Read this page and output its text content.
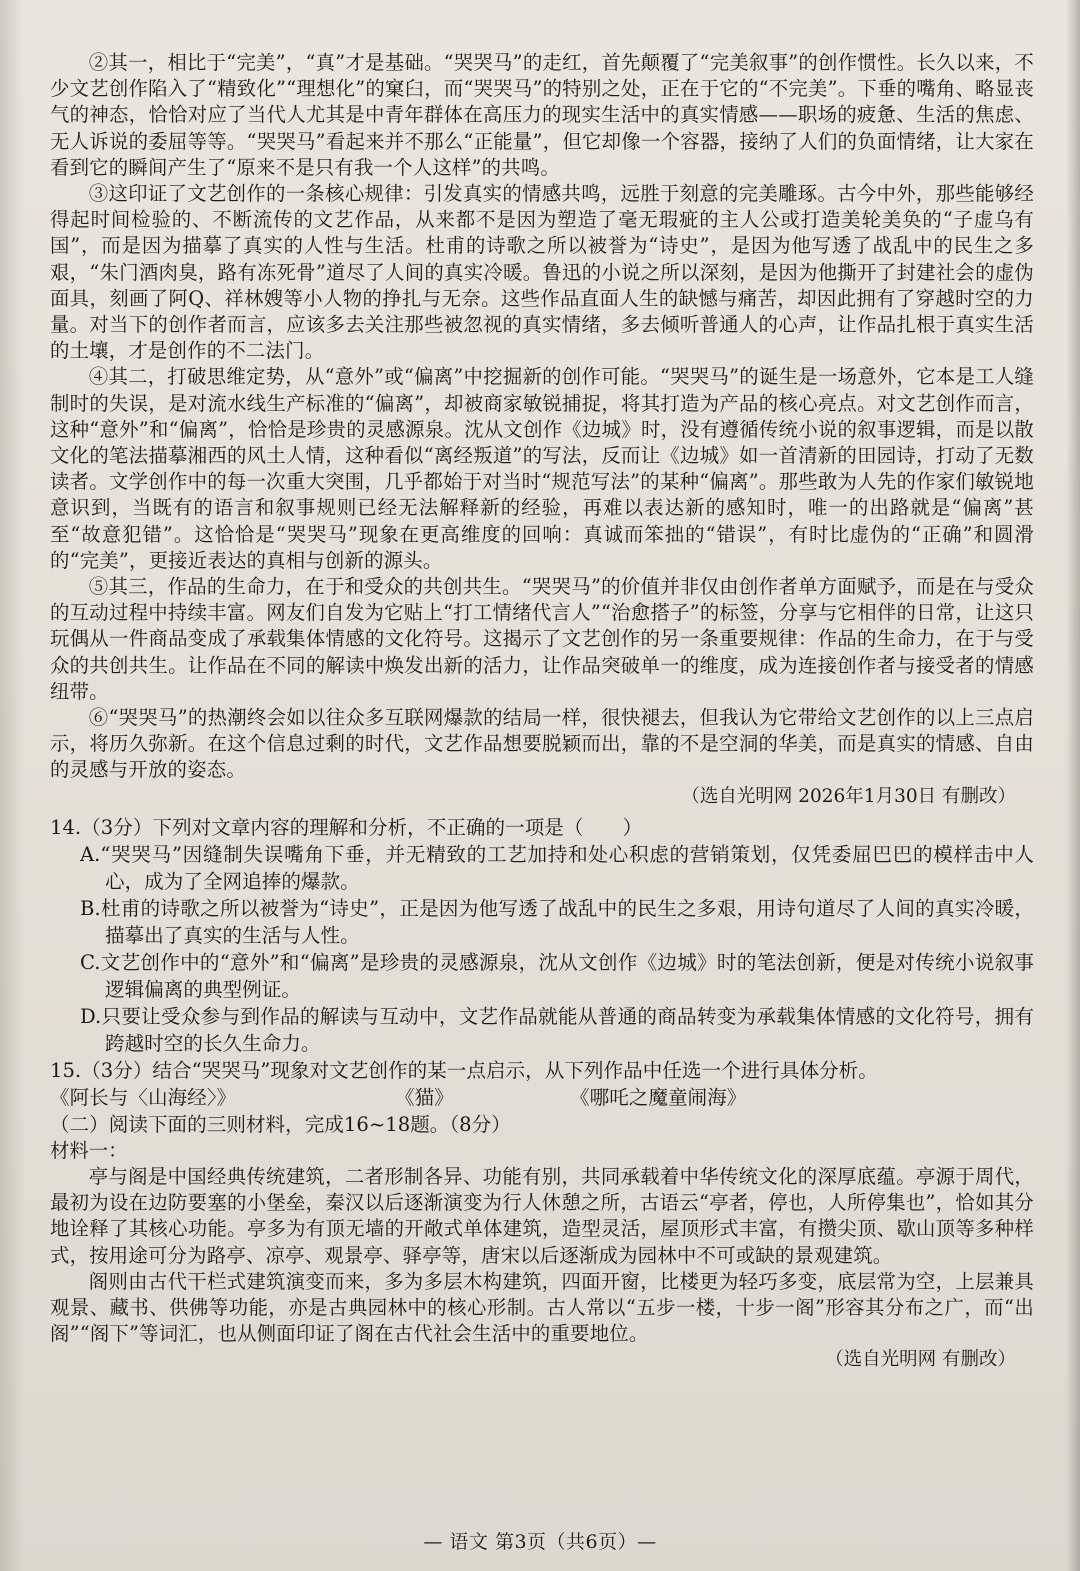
②其一，相比于“完美”，“真”才是基础。“哭哭马”的走红，首先颠覆了“完美叙事”的创作惯性。长久以来，不少文艺创作陷入了“精致化”“理想化”的窠臼，而“哭哭马”的特别之处，正在于它的“不完美”。下垂的嘴角、略显丧气的神态，恰恰对应了当代人尤其是中青年群体在高压力的现实生活中的真实情感——职场的疲惫、生活的焦虑、无人诉说的委屈等等。“哭哭马”看起来并不那么“正能量”，但它却像一个容器，接纳了人们的负面情绪，让大家在看到它的瞬间产生了“原来不是只有我一个人这样”的共鸣。

③这印证了文艺创作的一条核心规律：引发真实的情感共鸣，远胜于刻意的完美雕琢。古今中外，那些能够经得起时间检验的、不断流传的文艺作品，从来都不是因为塑造了毫无瑕疵的主人公或打造美轮美奂的“子虚乌有国”，而是因为描摹了真实的人性与生活。杜甫的诗歌之所以被誉为“诗史”，是因为他写透了战乱中的民生之多艰，“朱门酒肉臭，路有冻死骨”道尽了人间的真实冷暖。鲁迅的小说之所以深刻，是因为他撕开了封建社会的虚伪面具，刻画了阿Q、祥林嫂等小人物的挣扎与无奈。这些作品直面人生的缺憾与痛苦，却因此拥有了穿越时空的力量。对当下的创作者而言，应该多去关注那些被忽视的真实情绪，多去倾听普通人的心声，让作品扎根于真实生活的土壤，才是创作的不二法门。

④其二，打破思维定势，从“意外”或“偏离”中挖掘新的创作可能。“哭哭马”的诞生是一场意外，它本是工人缝制时的失误，是对流水线生产标准的“偏离”，却被商家敏锐捕捉，将其打造为产品的核心亮点。对文艺创作而言，这种“意外”和“偏离”，恰恰是珍贵的灵感源泉。沈从文创作《边城》时，没有遵循传统小说的叙事逻辑，而是以散文化的笔法描摹湘西的风土人情，这种看似“离经叛道”的写法，反而让《边城》如一首清新的田园诗，打动了无数读者。文学创作中的每一次重大突围，几乎都始于对当时“规范写法”的某种“偏离”。那些敢为人先的作家们敏锐地意识到，当既有的语言和叙事规则已经无法解释新的经验，再难以表达新的感知时，唯一的出路就是“偏离”甚至“故意犯错”。这恰恰是“哭哭马”现象在更高维度的回响：真诚而笨拙的“错误”，有时比虚伪的“正确”和圆滑的“完美”，更接近表达的真相与创新的源头。

⑤其三，作品的生命力，在于和受众的共创共生。“哭哭马”的价值并非仅由创作者单方面赋予，而是在与受众的互动过程中持续丰富。网友们自发为它贴上“打工情绪代言人”“治愈搭子”的标签，分享与它相伴的日常，让这只玩偶从一件商品变成了承载集体情感的文化符号。这揭示了文艺创作的另一条重要规律：作品的生命力，在于与受众的共创共生。让作品在不同的解读中焕发出新的活力，让作品突破单一的维度，成为连接创作者与接受者的情感纽带。

⑥“哭哭马”的热潮终会如以往众多互联网爆款的结局一样，很快褪去，但我认为它带给文艺创作的以上三点启示，将历久弥新。在这个信息过剩的时代，文艺作品想要脱颖而出，靠的不是空洞的华美，而是真实的情感、自由的灵感与开放的姿态。

（选自光明网 2026年1月30日 有删改）

14.（3分）下列对文章内容的理解和分析，不正确的一项是（　　）

A.“哭哭马”因缝制失误嘴角下垂，并无精致的工艺加持和处心积虑的营销策划，仅凭委屈巴巴的模样击中人心，成为了全网追捧的爆款。

B.杜甫的诗歌之所以被誉为“诗史”，正是因为他写透了战乱中的民生之多艰，用诗句道尽了人间的真实冷暖，描摹出了真实的生活与人性。

C.文艺创作中的“意外”和“偏离”是珍贵的灵感源泉，沈从文创作《边城》时的笔法创新，便是对传统小说叙事逻辑偏离的典型例证。

D.只要让受众参与到作品的解读与互动中，文艺作品就能从普通的商品转变为承载集体情感的文化符号，拥有跨越时空的长久生命力。

15.（3分）结合“哭哭马”现象对文艺创作的某一点启示，从下列作品中任选一个进行具体分析。

《阿长与〈山海经〉》	《猫》	《哪吒之魔童闹海》

（二）阅读下面的三则材料，完成16~18题。（8分）

材料一：

亭与阁是中国经典传统建筑，二者形制各异、功能有别，共同承载着中华传统文化的深厚底蕴。亭源于周代，最初为设在边防要塞的小堡垒，秦汉以后逐渐演变为行人休憩之所，古语云“亭者，停也，人所停集也”，恰如其分地诠释了其核心功能。亭多为有顶无墙的开敞式单体建筑，造型灵活，屋顶形式丰富，有攒尖顶、歇山顶等多种样式，按用途可分为路亭、凉亭、观景亭、驿亭等，唐宋以后逐渐成为园林中不可或缺的景观建筑。

阁则由古代干栏式建筑演变而来，多为多层木构建筑，四面开窗，比楼更为轻巧多变，底层常为空，上层兼具观景、藏书、供佛等功能，亦是古典园林中的核心形制。古人常以“五步一楼，十步一阁”形容其分布之广，而“出阁”“阁下”等词汇，也从侧面印证了阁在古代社会生活中的重要地位。

（选自光明网 有删改）

— 语文 第3页（共6页）—
